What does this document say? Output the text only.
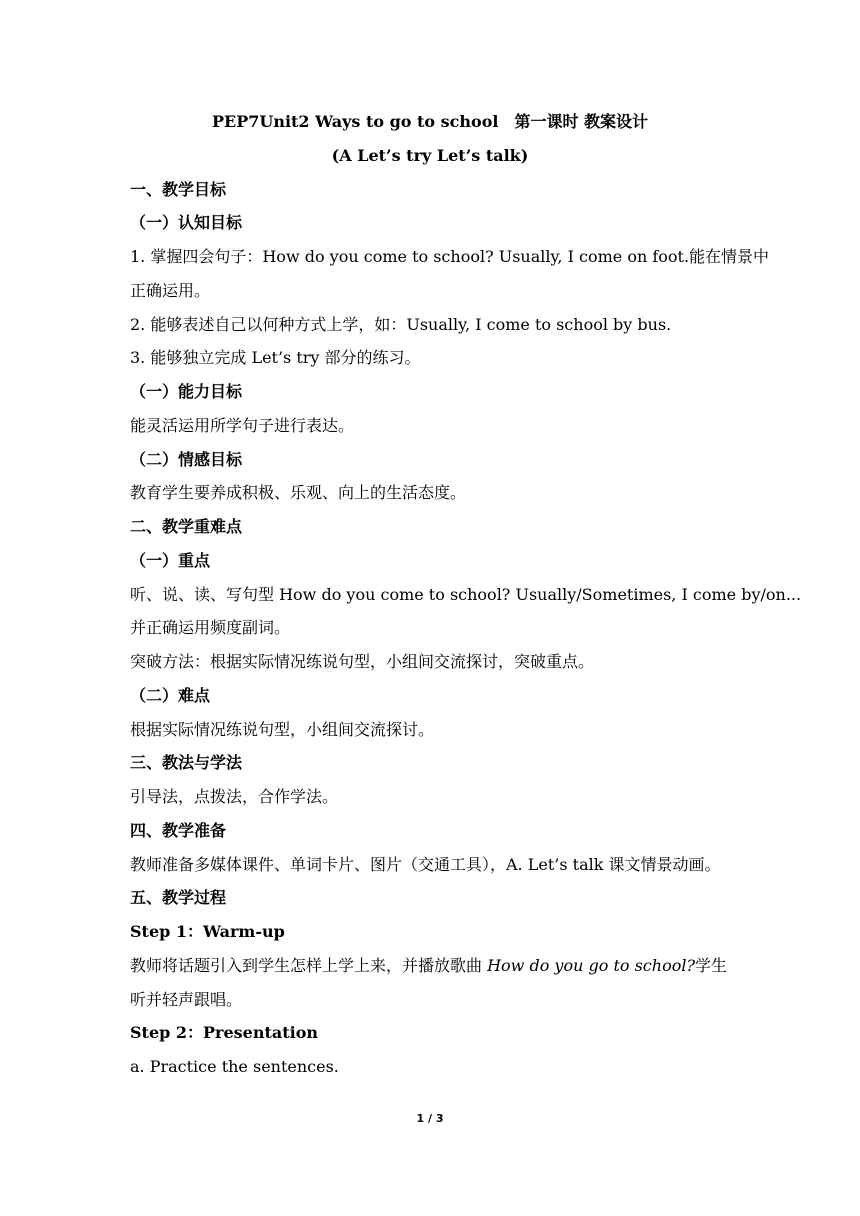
PEP7Unit2 Ways to go to school　第一课时 教案设计
(A Let’s try Let’s talk)
一、教学目标
（一）认知目标
1. 掌握四会句子：How do you come to school? Usually, I come on foot.能在情景中
正确运用。
2. 能够表述自己以何种方式上学，如：Usually, I come to school by bus.
3. 能够独立完成 Let’s try 部分的练习。
（一）能力目标
能灵活运用所学句子进行表达。
（二）情感目标
教育学生要养成积极、乐观、向上的生活态度。
二、教学重难点
（一）重点
听、说、读、写句型 How do you come to school? Usually/Sometimes, I come by/on...
并正确运用频度副词。
突破方法：根据实际情况练说句型，小组间交流探讨，突破重点。
（二）难点
根据实际情况练说句型，小组间交流探讨。
三、教法与学法
引导法，点拨法，合作学法。
四、教学准备
教师准备多媒体课件、单词卡片、图片（交通工具），A. Let’s talk 课文情景动画。
五、教学过程
Step 1：Warm-up
教师将话题引入到学生怎样上学上来，并播放歌曲 How do you go to school?学生
听并轻声跟唱。
Step 2：Presentation
a. Practice the sentences.
1 / 3
